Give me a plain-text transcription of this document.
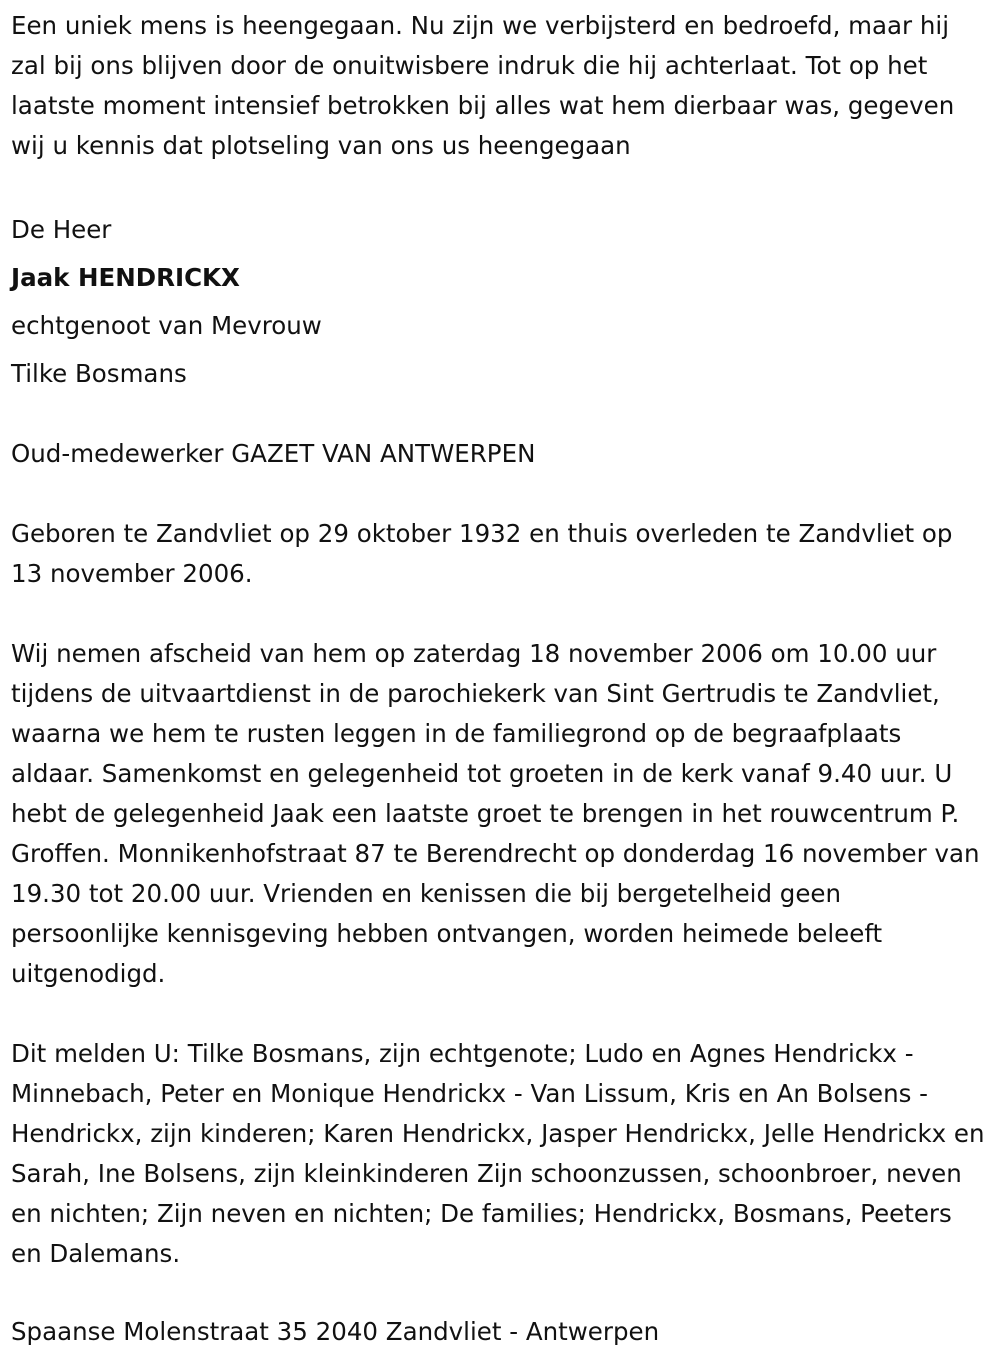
Een uniek mens is heengegaan. Nu zijn we verbijsterd en bedroefd, maar hij zal bij ons blijven door de onuitwisbere indruk die hij achterlaat. Tot op het laatste moment intensief betrokken bij alles wat hem dierbaar was, gegeven wij u kennis dat plotseling van ons us heengegaan

De Heer
Jaak HENDRICKX
echtgenoot van Mevrouw
Tilke Bosmans

Oud-medewerker GAZET VAN ANTWERPEN

Geboren te Zandvliet op 29 oktober 1932 en thuis overleden te Zandvliet op 13 november 2006.

Wij nemen afscheid van hem op zaterdag 18 november 2006 om 10.00 uur tijdens de uitvaartdienst in de parochiekerk van Sint Gertrudis te Zandvliet, waarna we hem te rusten leggen in de familiegrond op de begraafplaats aldaar. Samenkomst en gelegenheid tot groeten in de kerk vanaf 9.40 uur. U hebt de gelegenheid Jaak een laatste groet te brengen in het rouwcentrum P. Groffen. Monnikenhofstraat 87 te Berendrecht op donderdag 16 november van 19.30 tot 20.00 uur. Vrienden en kenissen die bij bergetelheid geen persoonlijke kennisgeving hebben ontvangen, worden heimede beleeft uitgenodigd.

Dit melden U: Tilke Bosmans, zijn echtgenote; Ludo en Agnes Hendrickx - Minnebach, Peter en Monique Hendrickx - Van Lissum, Kris en An Bolsens - Hendrickx, zijn kinderen; Karen Hendrickx, Jasper Hendrickx, Jelle Hendrickx en Sarah, Ine Bolsens, zijn kleinkinderen Zijn schoonzussen, schoonbroer, neven en nichten; Zijn neven en nichten; De families; Hendrickx, Bosmans, Peeters en Dalemans.

Spaanse Molenstraat 35 2040 Zandvliet - Antwerpen
